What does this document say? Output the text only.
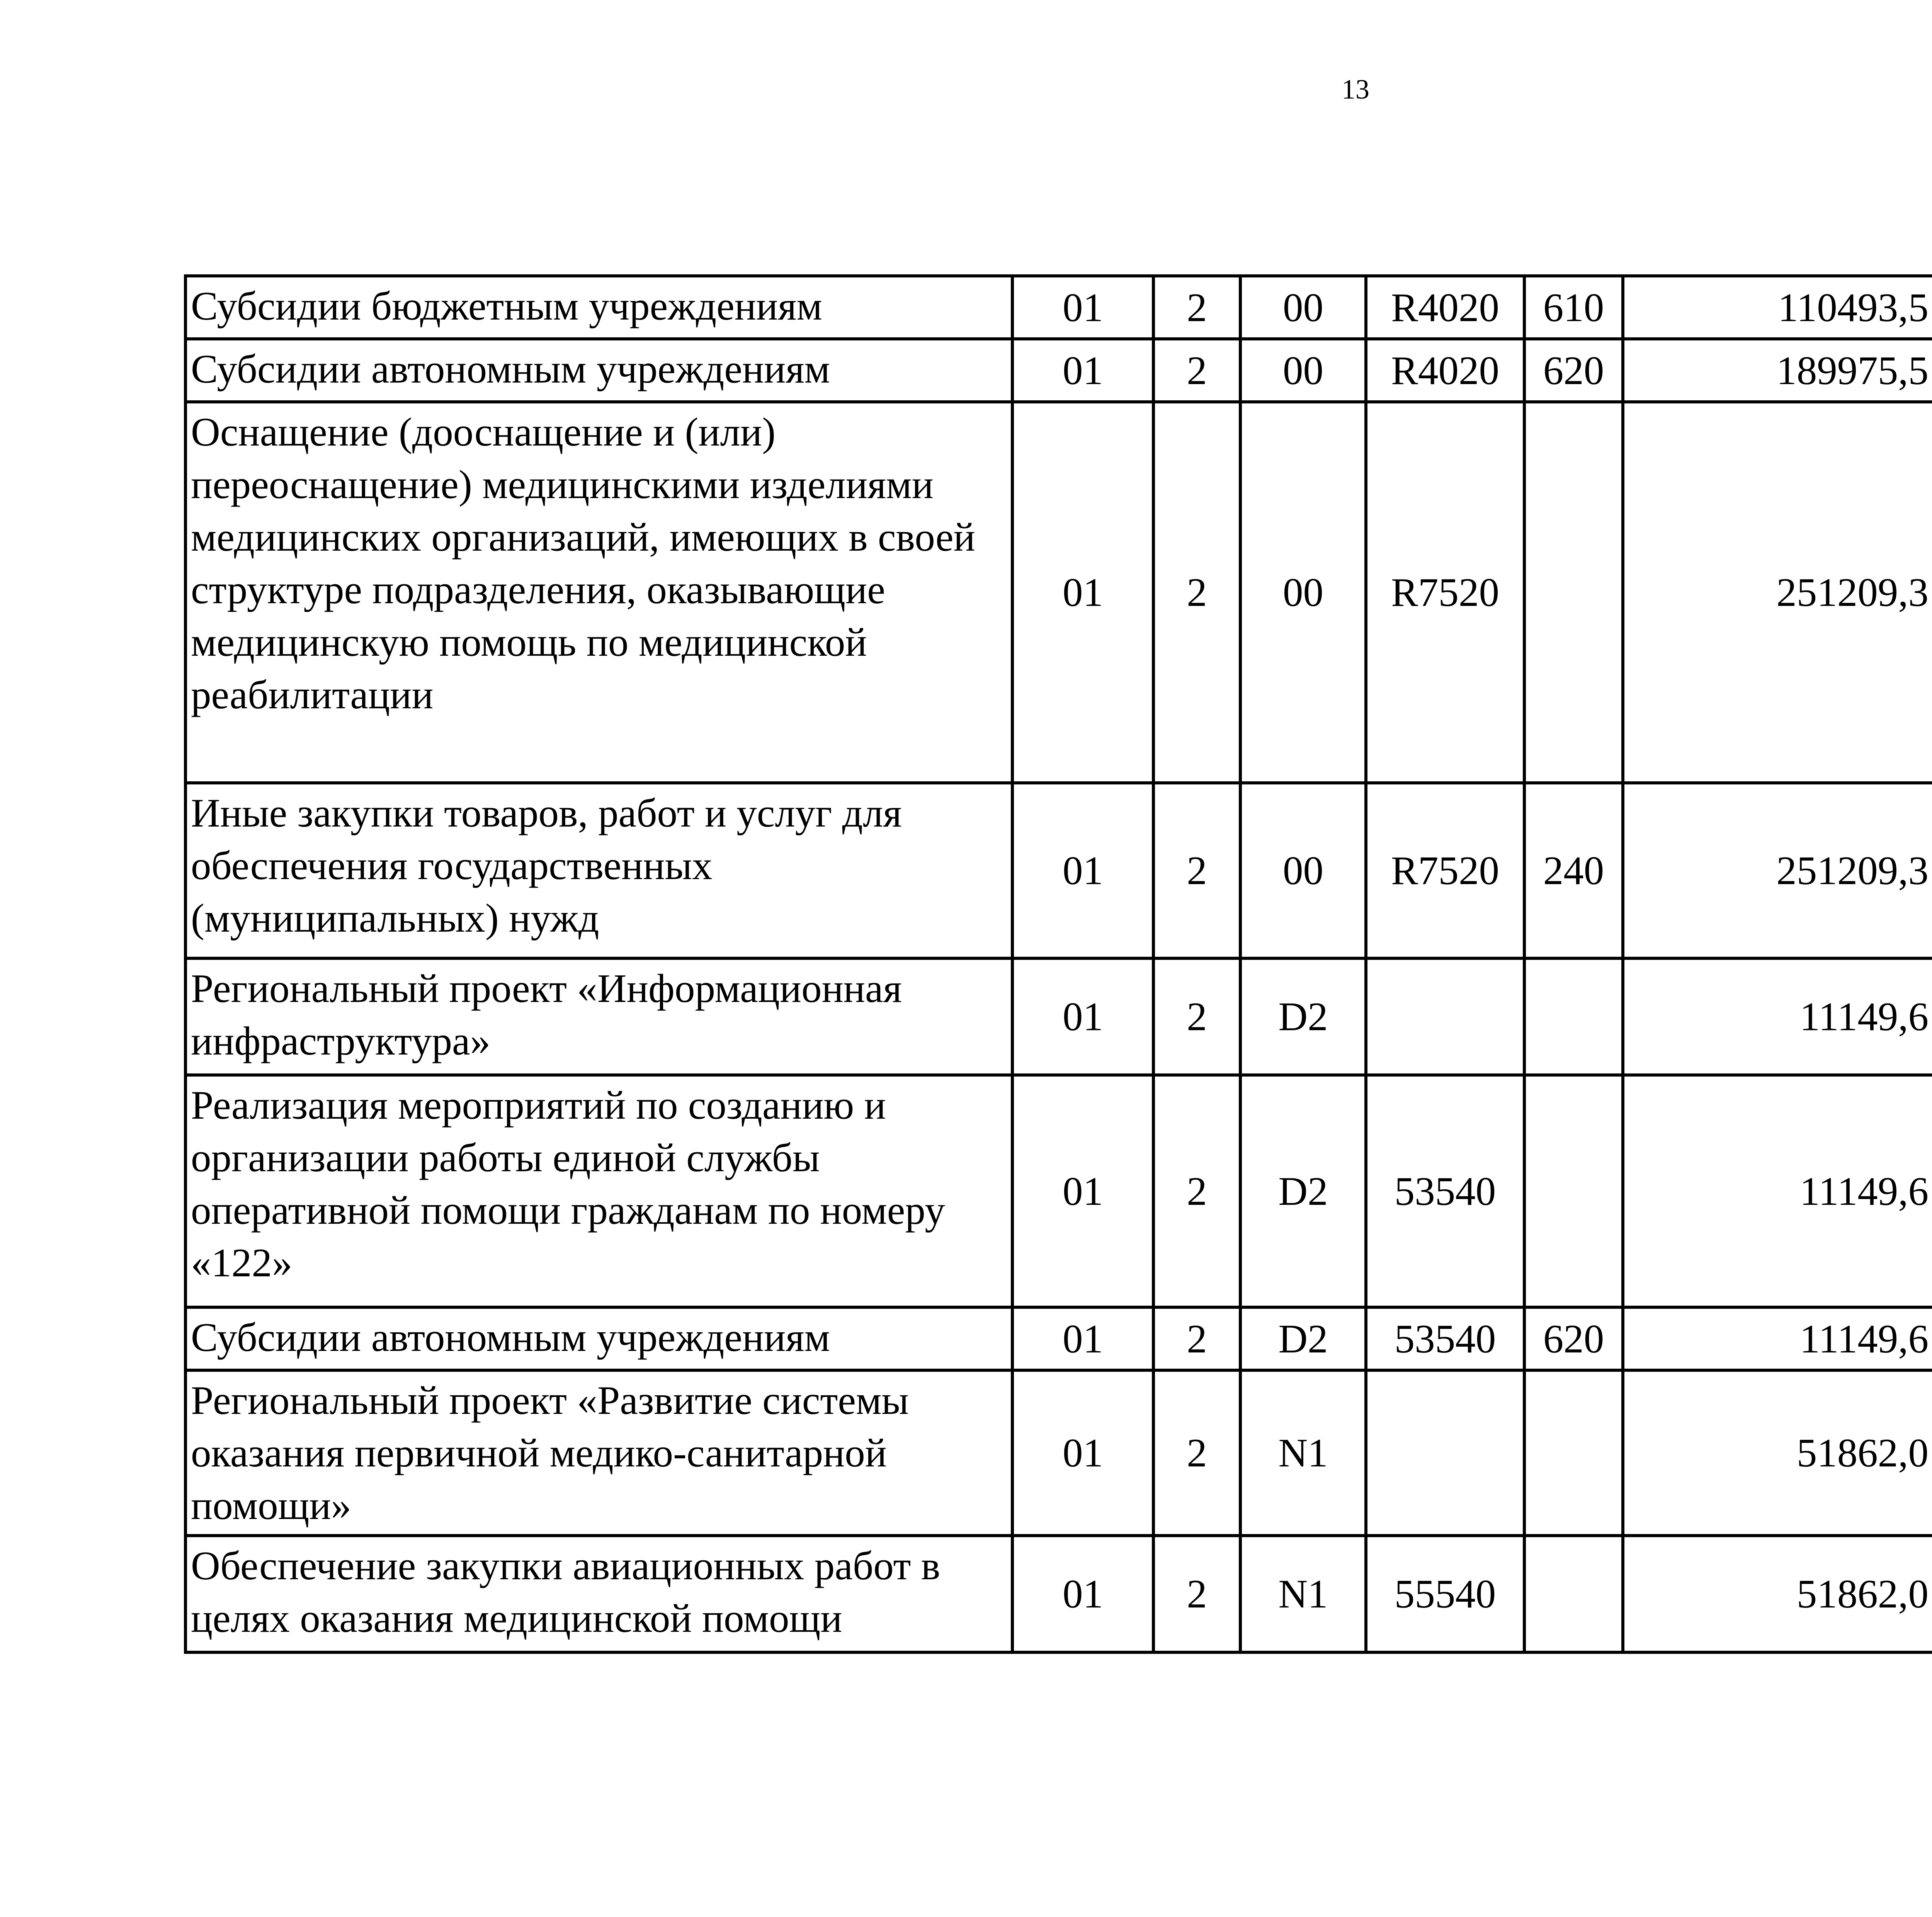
13
Субсидии бюджетным учреждениям	01	2	00	R4020	610	110493,5		
Субсидии автономным учреждениям	01	2	00	R4020	620	189975,5		
Оснащение (дооснащение и (или) переоснащение) медицинскими изделиями медицинских организаций, имеющих в своей структуре подразделения, оказывающие медицинскую помощь по медицинской реабилитации	01	2	00	R7520		251209,3		
Иные закупки товаров, работ и услуг для обеспечения государственных (муниципальных) нужд	01	2	00	R7520	240	251209,3		
Региональный проект «Информационная инфраструктура»	01	2	D2			11149,6		
Реализация мероприятий по созданию и организации работы единой службы оперативной помощи гражданам по номеру «122»	01	2	D2	53540		11149,6		
Субсидии автономным учреждениям	01	2	D2	53540	620	11149,6		
Региональный проект «Развитие системы оказания первичной медико-санитарной помощи»	01	2	N1			51862,0		
Обеспечение закупки авиационных работ в целях оказания медицинской помощи	01	2	N1	55540		51862,0		
